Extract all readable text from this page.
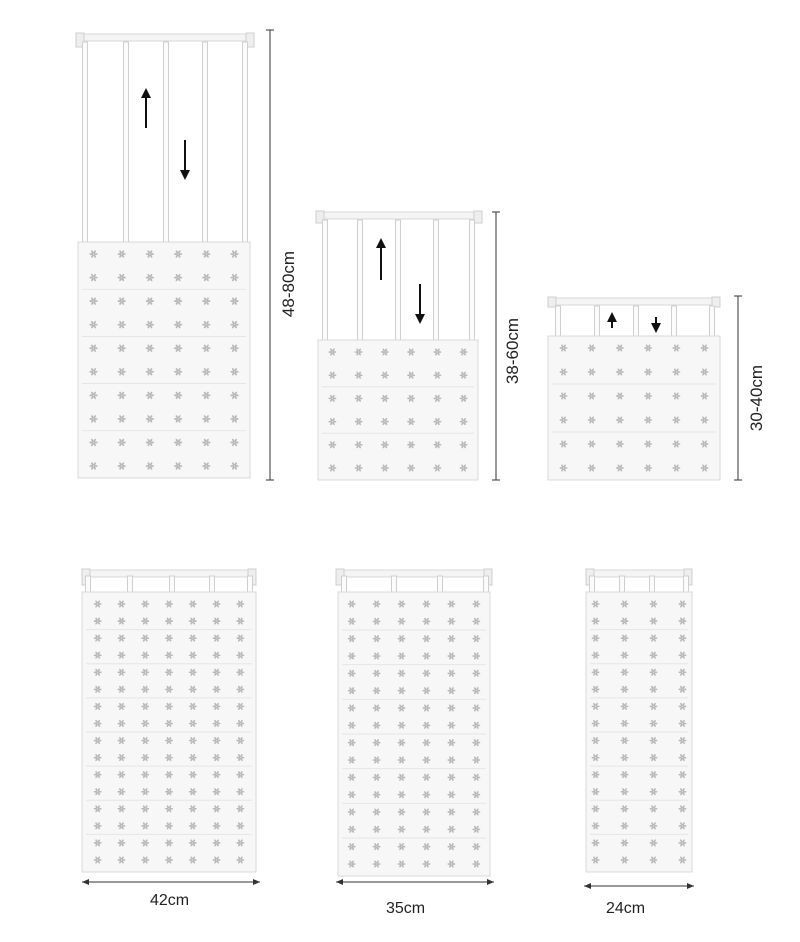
48-80cm
38-60cm
30-40cm
42cm	35cm	24cm
